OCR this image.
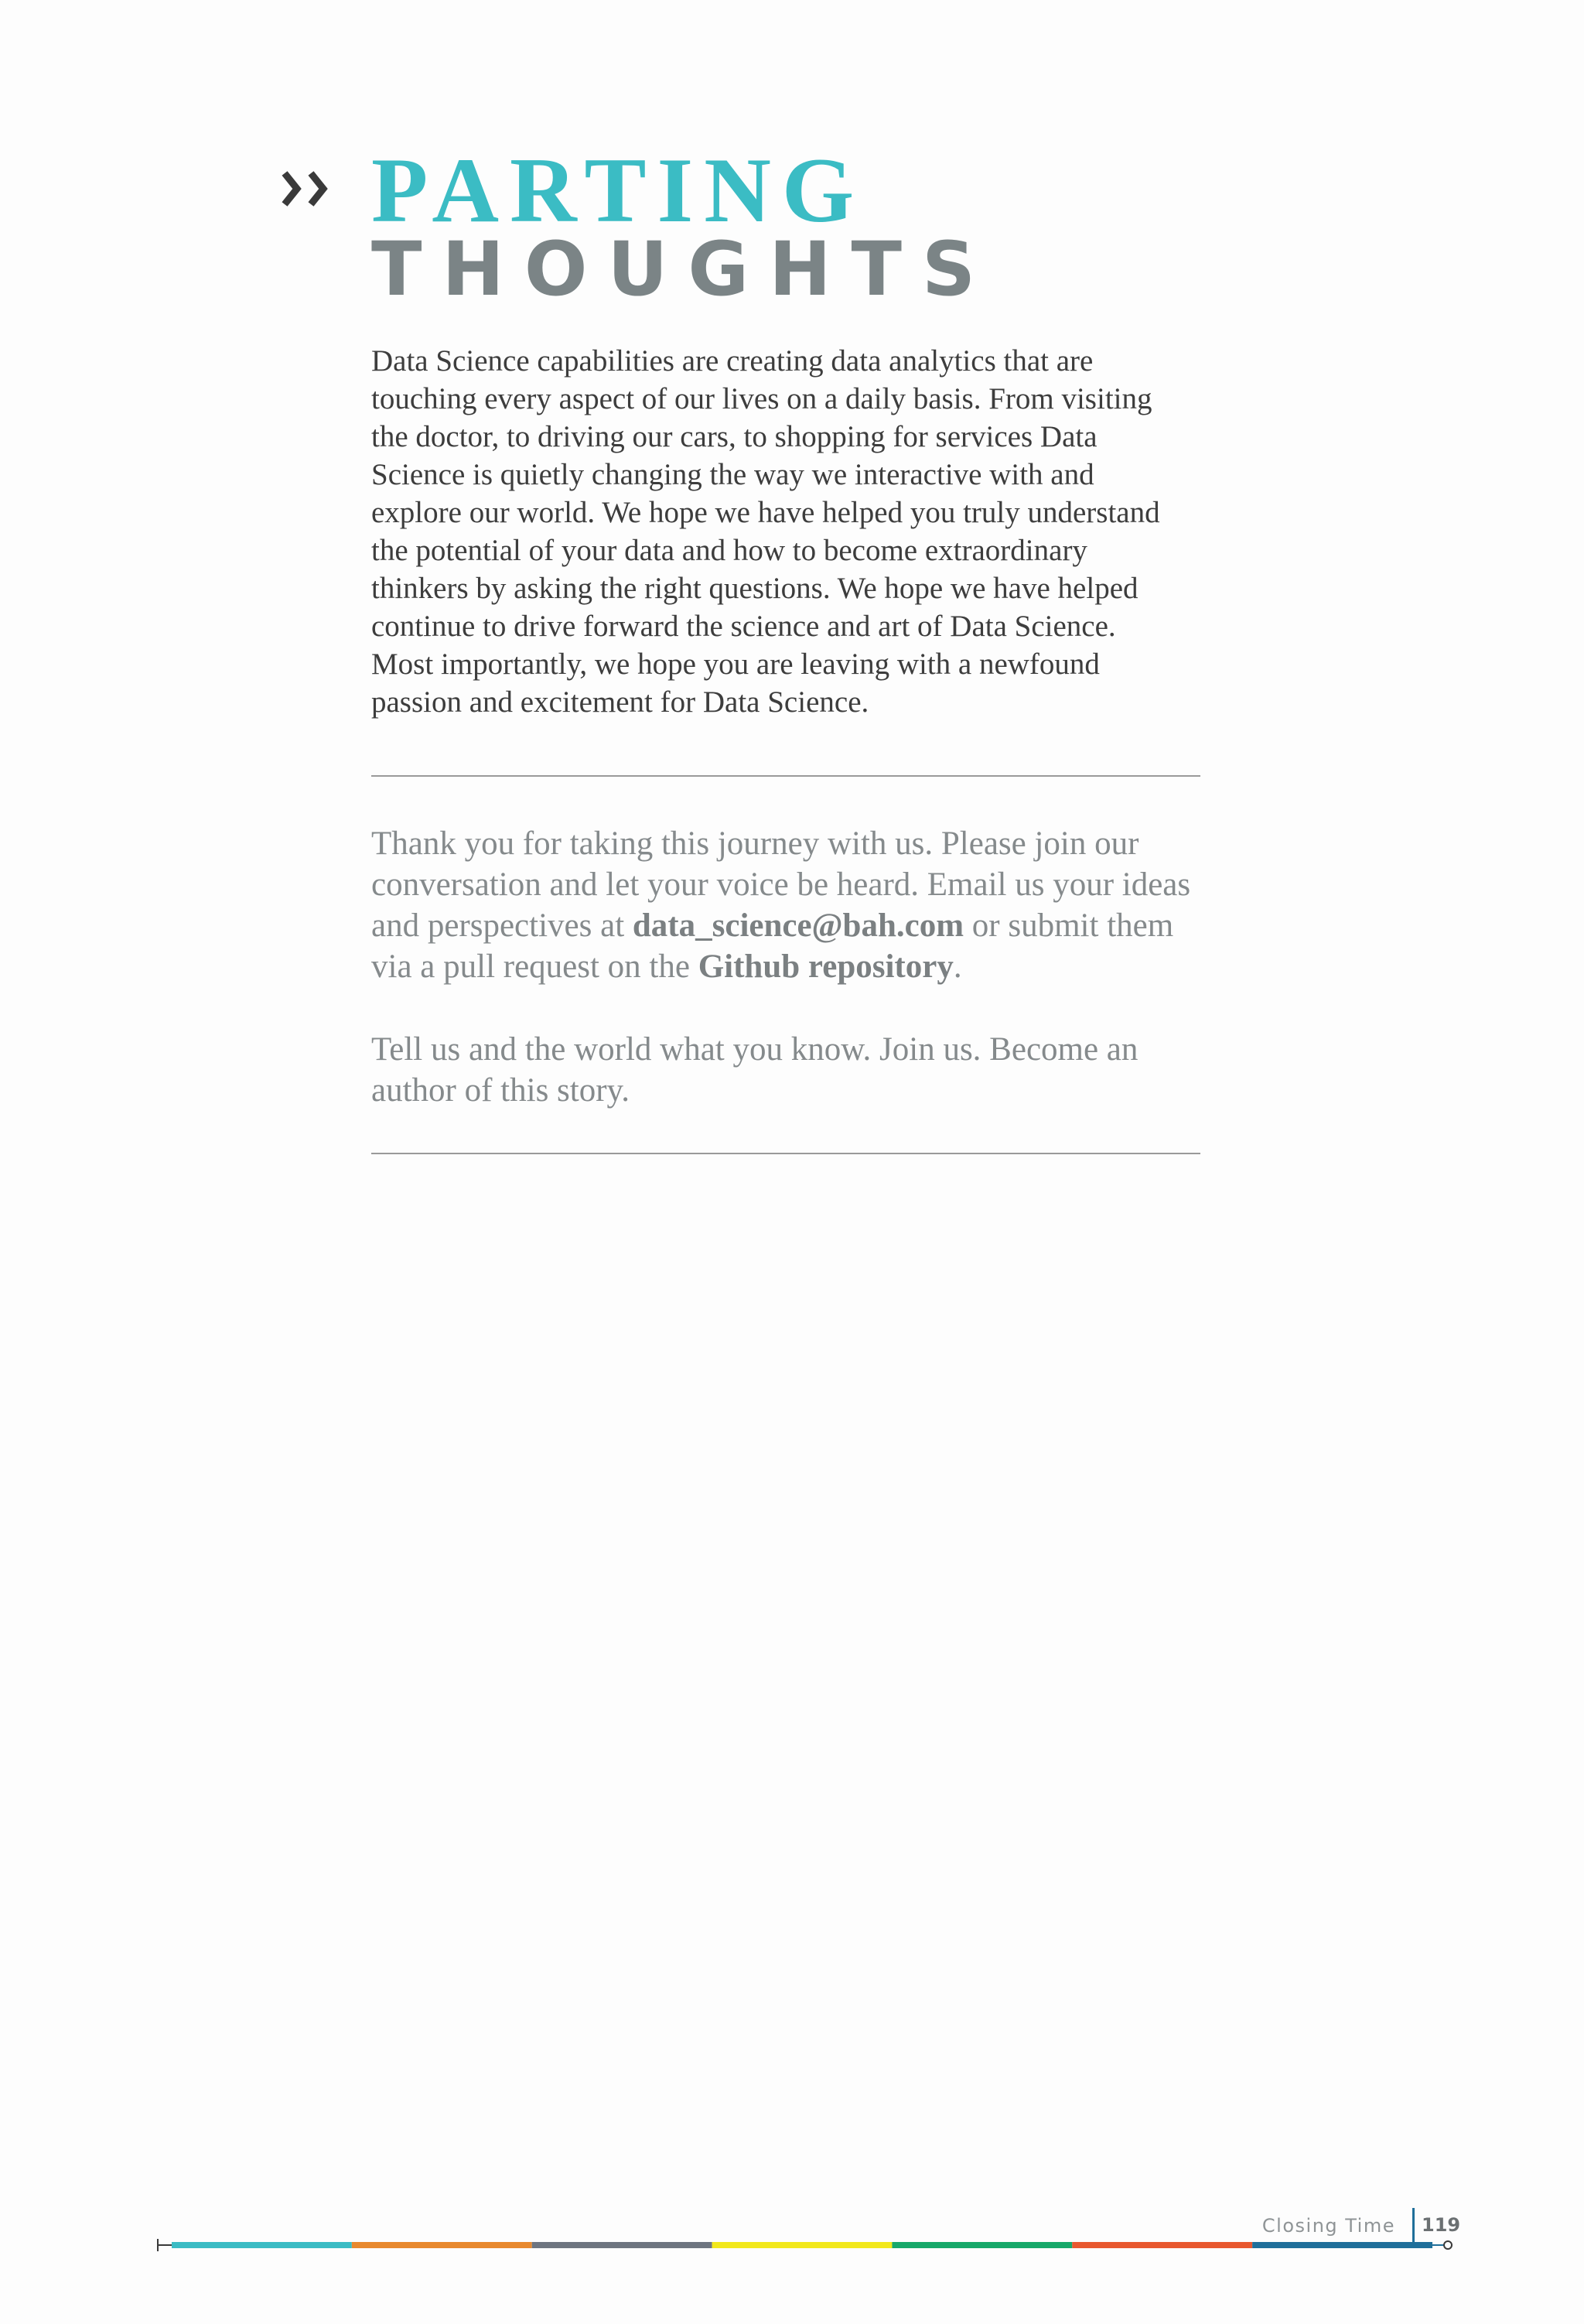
PARTING
THOUGHTS

Data Science capabilities are creating data analytics that are
touching every aspect of our lives on a daily basis. From visiting
the doctor, to driving our cars, to shopping for services Data
Science is quietly changing the way we interactive with and
explore our world. We hope we have helped you truly understand
the potential of your data and how to become extraordinary
thinkers by asking the right questions. We hope we have helped
continue to drive forward the science and art of Data Science.
Most importantly, we hope you are leaving with a newfound
passion and excitement for Data Science.

Thank you for taking this journey with us. Please join our
conversation and let your voice be heard. Email us your ideas
and perspectives at data_science@bah.com or submit them
via a pull request on the Github repository.

Tell us and the world what you know. Join us. Become an
author of this story.

Closing Time 119
